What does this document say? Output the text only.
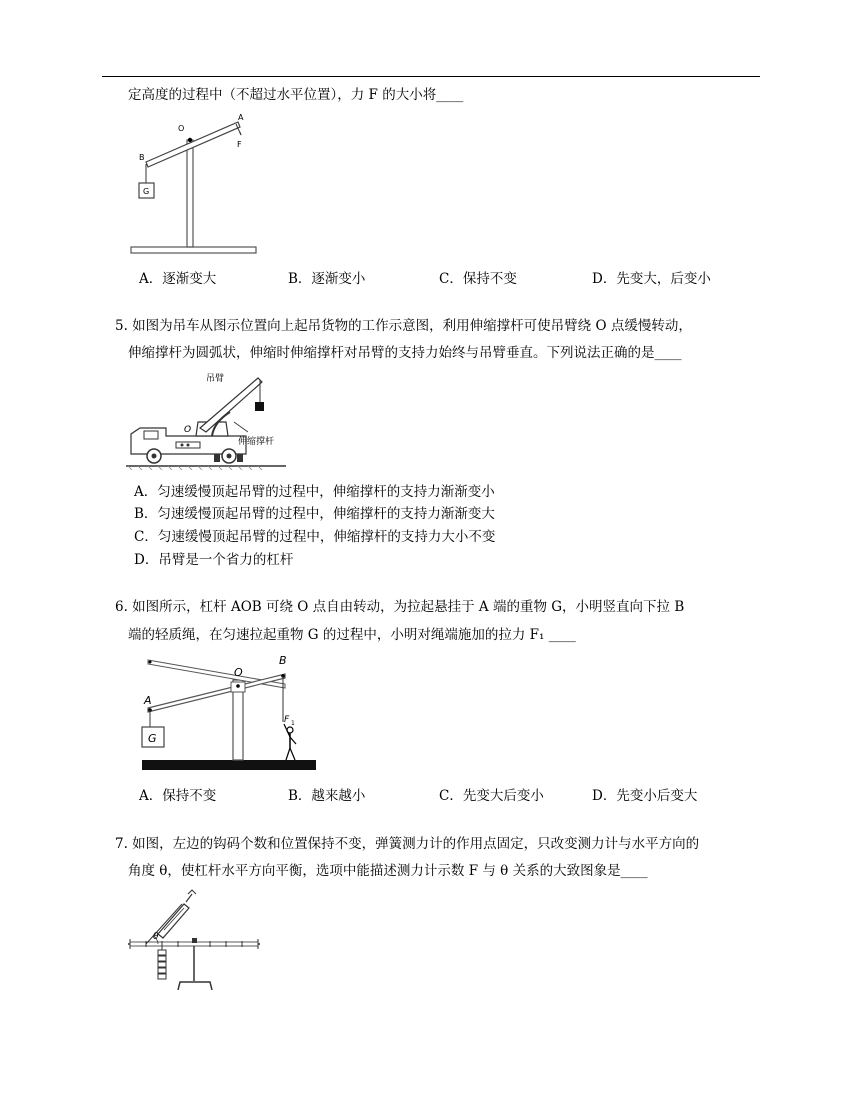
定高度的过程中（不超过水平位置），力 F 的大小将____
O
A
B
F
G
A．逐渐变大	B．逐渐变小	C．保持不变	D．先变大，后变小
5. 如图为吊车从图示位置向上起吊货物的工作示意图，利用伸缩撑杆可使吊臂绕 O 点缓慢转动，
伸缩撑杆为圆弧状，伸缩时伸缩撑杆对吊臂的支持力始终与吊臂垂直。下列说法正确的是____
吊臂
O
伸缩撑杆
A．匀速缓慢顶起吊臂的过程中，伸缩撑杆的支持力渐渐变小
B．匀速缓慢顶起吊臂的过程中，伸缩撑杆的支持力渐渐变大
C．匀速缓慢顶起吊臂的过程中，伸缩撑杆的支持力大小不变
D．吊臂是一个省力的杠杆
6. 如图所示，杠杆 AOB 可绕 O 点自由转动，为拉起悬挂于 A 端的重物 G，小明竖直向下拉 B
端的轻质绳，在匀速拉起重物 G 的过程中，小明对绳端施加的拉力 F₁ ____
O
A
B
F 1
G
A．保持不变	B．越来越小	C．先变大后变小	D．先变小后变大
7. 如图，左边的钩码个数和位置保持不变，弹簧测力计的作用点固定，只改变测力计与水平方向的
角度 θ，使杠杆水平方向平衡，选项中能描述测力计示数 F 与 θ 关系的大致图象是____
θ
